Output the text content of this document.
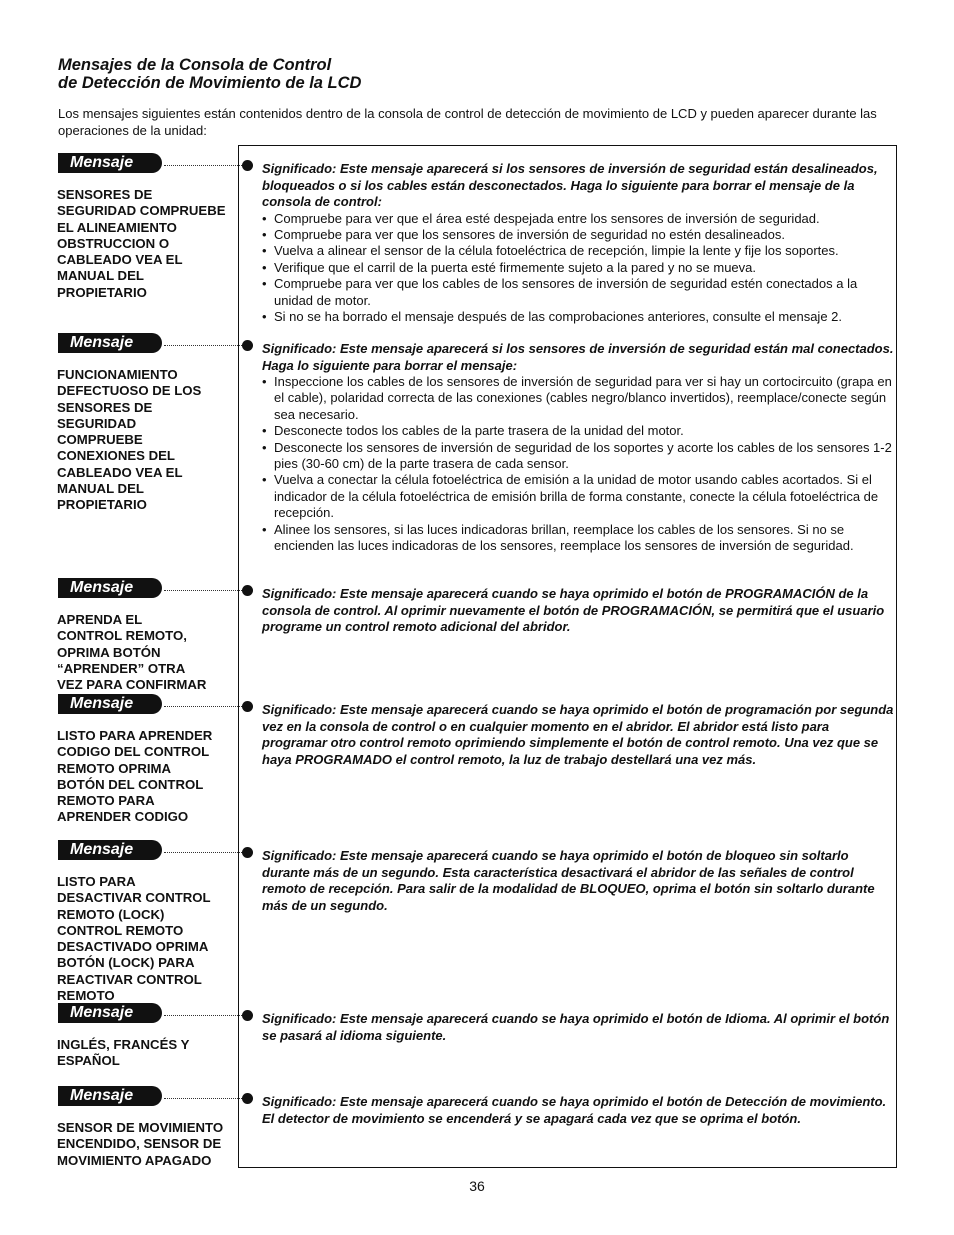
Mensajes de la Consola de Control
de Detección de Movimiento de la LCD

Los mensajes siguientes están contenidos dentro de la consola de control de detección de movimiento de LCD y pueden aparecer durante las operaciones de la unidad:

Mensaje

SENSORES DE
SEGURIDAD COMPRUEBE
EL ALINEAMIENTO
OBSTRUCCION O
CABLEADO VEA EL
MANUAL DEL
PROPIETARIO

Significado: Este mensaje aparecerá si los sensores de inversión de seguridad están desalineados, bloqueados o si los cables están desconectados. Haga lo siguiente para borrar el mensaje de la consola de control:

• Compruebe para ver que el área esté despejada entre los sensores de inversión de seguridad.
• Compruebe para ver que los sensores de inversión de seguridad no estén desalineados.
• Vuelva a alinear el sensor de la célula fotoeléctrica de recepción, limpie la lente y fije los soportes.
• Verifique que el carril de la puerta esté firmemente sujeto a la pared y no se mueva.
• Compruebe para ver que los cables de los sensores de inversión de seguridad estén conectados a la unidad de motor.
• Si no se ha borrado el mensaje después de las comprobaciones anteriores, consulte el mensaje 2.
Mensaje

FUNCIONAMIENTO
DEFECTUOSO DE LOS
SENSORES DE
SEGURIDAD
COMPRUEBE
CONEXIONES DEL
CABLEADO VEA EL
MANUAL DEL
PROPIETARIO

Significado: Este mensaje aparecerá si los sensores de inversión de seguridad están mal conectados. Haga lo siguiente para borrar el mensaje:

• Inspeccione los cables de los sensores de inversión de seguridad para ver si hay un cortocircuito (grapa en el cable), polaridad correcta de las conexiones (cables negro/blanco invertidos), reemplace/conecte según sea necesario.
• Desconecte todos los cables de la parte trasera de la unidad del motor.
• Desconecte los sensores de inversión de seguridad de los soportes y acorte los cables de los sensores 1-2 pies (30-60 cm) de la parte trasera de cada sensor.
• Vuelva a conectar la célula fotoeléctrica de emisión a la unidad de motor usando cables acortados. Si el indicador de la célula fotoeléctrica de emisión brilla de forma constante, conecte la célula fotoeléctrica de recepción.
• Alinee los sensores, si las luces indicadoras brillan, reemplace los cables de los sensores. Si no se encienden las luces indicadoras de los sensores, reemplace los sensores de inversión de seguridad.
Mensaje

APRENDA EL
CONTROL REMOTO,
OPRIMA BOTÓN
“APRENDER” OTRA
VEZ PARA CONFIRMAR

Significado: Este mensaje aparecerá cuando se haya oprimido el botón de PROGRAMACIÓN de la consola de control. Al oprimir nuevamente el botón de PROGRAMACIÓN, se permitirá que el usuario programe un control remoto adicional del abridor.

Mensaje

LISTO PARA APRENDER
CODIGO DEL CONTROL
REMOTO OPRIMA
BOTÓN DEL CONTROL
REMOTO PARA
APRENDER CODIGO

Significado: Este mensaje aparecerá cuando se haya oprimido el botón de programación por segunda vez en la consola de control o en cualquier momento en el abridor. El abridor está listo para programar otro control remoto oprimiendo simplemente el botón de control remoto. Una vez que se haya PROGRAMADO el control remoto, la luz de trabajo destellará una vez más.

Mensaje

LISTO PARA
DESACTIVAR CONTROL
REMOTO (LOCK)
CONTROL REMOTO
DESACTIVADO OPRIMA
BOTÓN (LOCK) PARA
REACTIVAR CONTROL
REMOTO

Significado: Este mensaje aparecerá cuando se haya oprimido el botón de bloqueo sin soltarlo durante más de un segundo. Esta característica desactivará el abridor de las señales de control remoto de recepción. Para salir de la modalidad de BLOQUEO, oprima el botón sin soltarlo durante más de un segundo.

Mensaje

INGLÉS, FRANCÉS Y
ESPAÑOL

Significado: Este mensaje aparecerá cuando se haya oprimido el botón de Idioma. Al oprimir el botón se pasará al idioma siguiente.

Mensaje

SENSOR DE MOVIMIENTO
ENCENDIDO, SENSOR DE
MOVIMIENTO APAGADO

Significado: Este mensaje aparecerá cuando se haya oprimido el botón de Detección de movimiento. El detector de movimiento se encenderá y se apagará cada vez que se oprima el botón.

36
